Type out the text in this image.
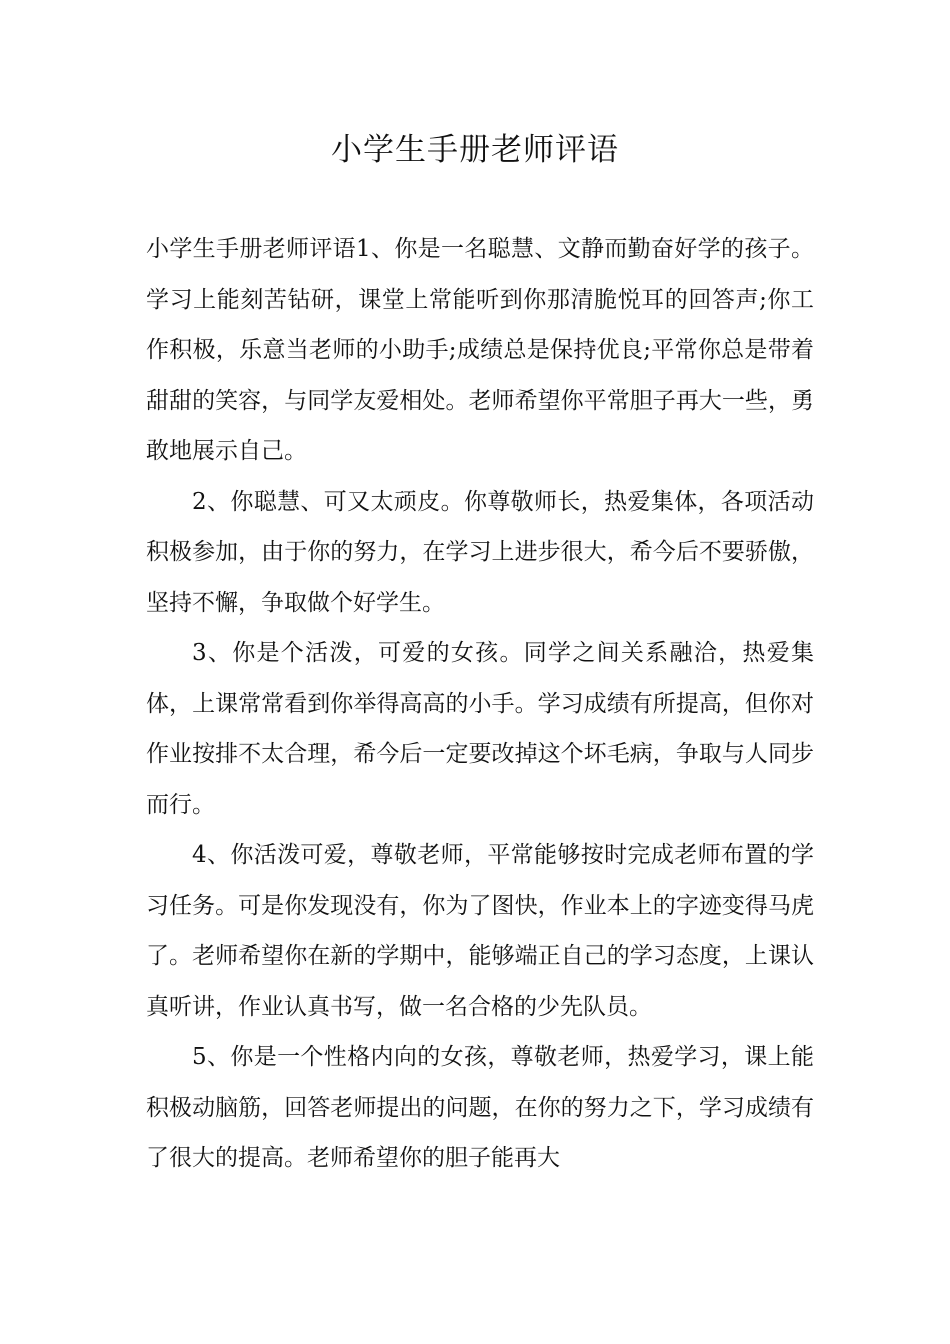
小学生手册老师评语

小学生手册老师评语1、你是一名聪慧、文静而勤奋好学的孩子。学习上能刻苦钻研，课堂上常能听到你那清脆悦耳的回答声;你工作积极，乐意当老师的小助手;成绩总是保持优良;平常你总是带着甜甜的笑容，与同学友爱相处。老师希望你平常胆子再大一些，勇敢地展示自己。

2、你聪慧、可又太顽皮。你尊敬师长，热爱集体，各项活动积极参加，由于你的努力，在学习上进步很大，希今后不要骄傲，坚持不懈，争取做个好学生。

3、你是个活泼，可爱的女孩。同学之间关系融洽，热爱集体，上课常常看到你举得高高的小手。学习成绩有所提高，但你对作业按排不太合理，希今后一定要改掉这个坏毛病，争取与人同步而行。

4、你活泼可爱，尊敬老师，平常能够按时完成老师布置的学习任务。可是你发现没有，你为了图快，作业本上的字迹变得马虎了。老师希望你在新的学期中，能够端正自己的学习态度，上课认真听讲，作业认真书写，做一名合格的少先队员。

5、你是一个性格内向的女孩，尊敬老师，热爱学习，课上能积极动脑筋，回答老师提出的问题，在你的努力之下，学习成绩有了很大的提高。老师希望你的胆子能再大
